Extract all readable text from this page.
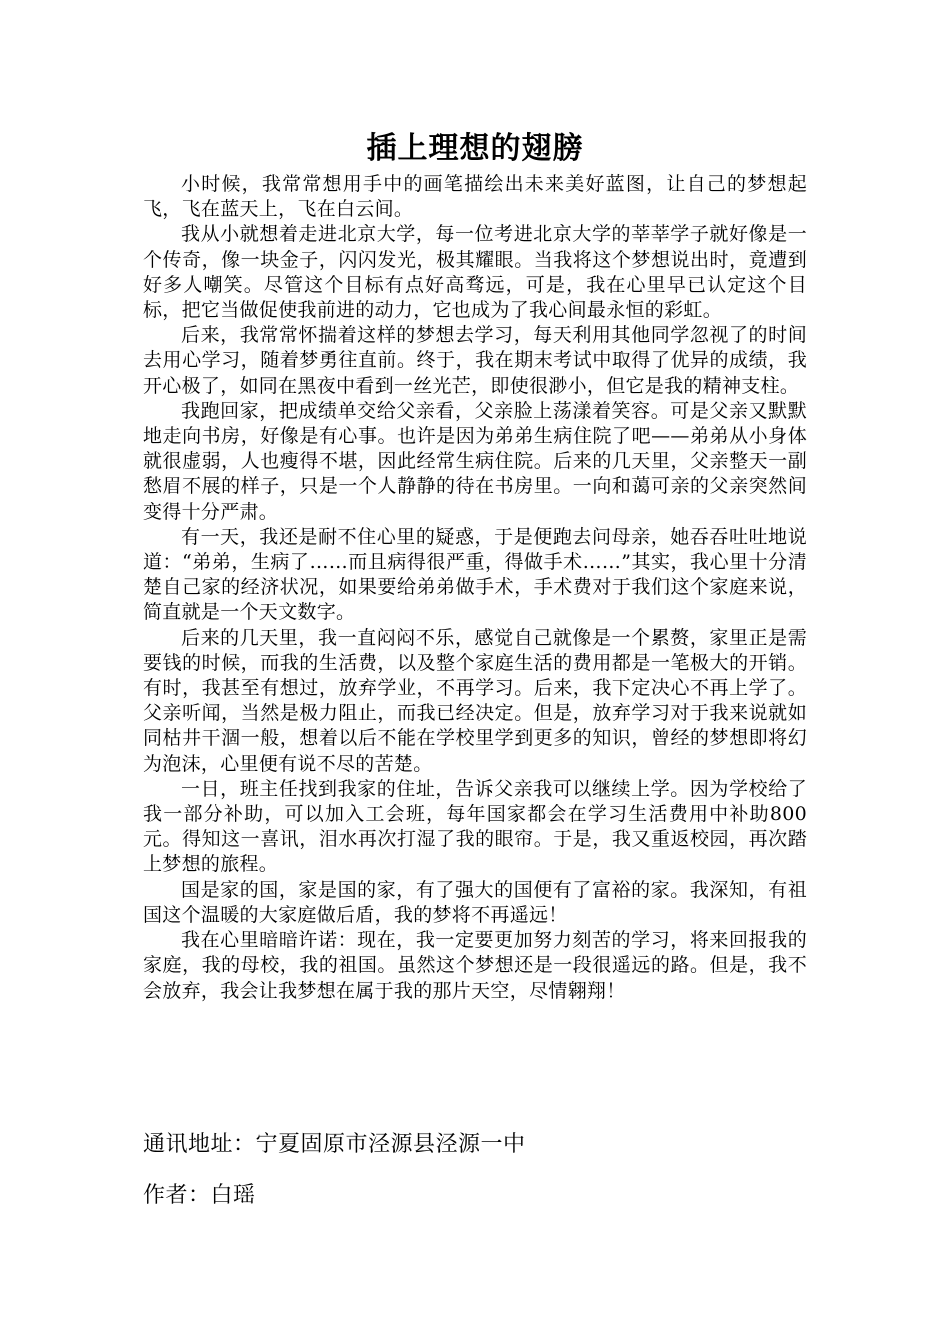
插上理想的翅膀

小时候，我常常想用手中的画笔描绘出未来美好蓝图，让自己的梦想起飞，飞在蓝天上，飞在白云间。

我从小就想着走进北京大学，每一位考进北京大学的莘莘学子就好像是一个传奇，像一块金子，闪闪发光，极其耀眼。当我将这个梦想说出时，竟遭到好多人嘲笑。尽管这个目标有点好高骛远，可是，我在心里早已认定这个目标，把它当做促使我前进的动力，它也成为了我心间最永恒的彩虹。

后来，我常常怀揣着这样的梦想去学习，每天利用其他同学忽视了的时间去用心学习，随着梦勇往直前。终于，我在期末考试中取得了优异的成绩，我开心极了，如同在黑夜中看到一丝光芒，即使很渺小，但它是我的精神支柱。

我跑回家，把成绩单交给父亲看，父亲脸上荡漾着笑容。可是父亲又默默地走向书房，好像是有心事。也许是因为弟弟生病住院了吧——弟弟从小身体就很虚弱，人也瘦得不堪，因此经常生病住院。后来的几天里，父亲整天一副愁眉不展的样子，只是一个人静静的待在书房里。一向和蔼可亲的父亲突然间变得十分严肃。

有一天，我还是耐不住心里的疑惑，于是便跑去问母亲，她吞吞吐吐地说道：“弟弟，生病了……而且病得很严重，得做手术……”其实，我心里十分清楚自己家的经济状况，如果要给弟弟做手术，手术费对于我们这个家庭来说，简直就是一个天文数字。

后来的几天里，我一直闷闷不乐，感觉自己就像是一个累赘，家里正是需要钱的时候，而我的生活费，以及整个家庭生活的费用都是一笔极大的开销。有时，我甚至有想过，放弃学业，不再学习。后来，我下定决心不再上学了。父亲听闻，当然是极力阻止，而我已经决定。但是，放弃学习对于我来说就如同枯井干涸一般，想着以后不能在学校里学到更多的知识，曾经的梦想即将幻为泡沫，心里便有说不尽的苦楚。

一日，班主任找到我家的住址，告诉父亲我可以继续上学。因为学校给了我一部分补助，可以加入工会班，每年国家都会在学习生活费用中补助800元。得知这一喜讯，泪水再次打湿了我的眼帘。于是，我又重返校园，再次踏上梦想的旅程。

国是家的国，家是国的家，有了强大的国便有了富裕的家。我深知，有祖国这个温暖的大家庭做后盾，我的梦将不再遥远！

我在心里暗暗许诺：现在，我一定要更加努力刻苦的学习，将来回报我的家庭，我的母校，我的祖国。虽然这个梦想还是一段很遥远的路。但是，我不会放弃，我会让我梦想在属于我的那片天空，尽情翱翔！

通讯地址：宁夏固原市泾源县泾源一中

作者：白瑶
